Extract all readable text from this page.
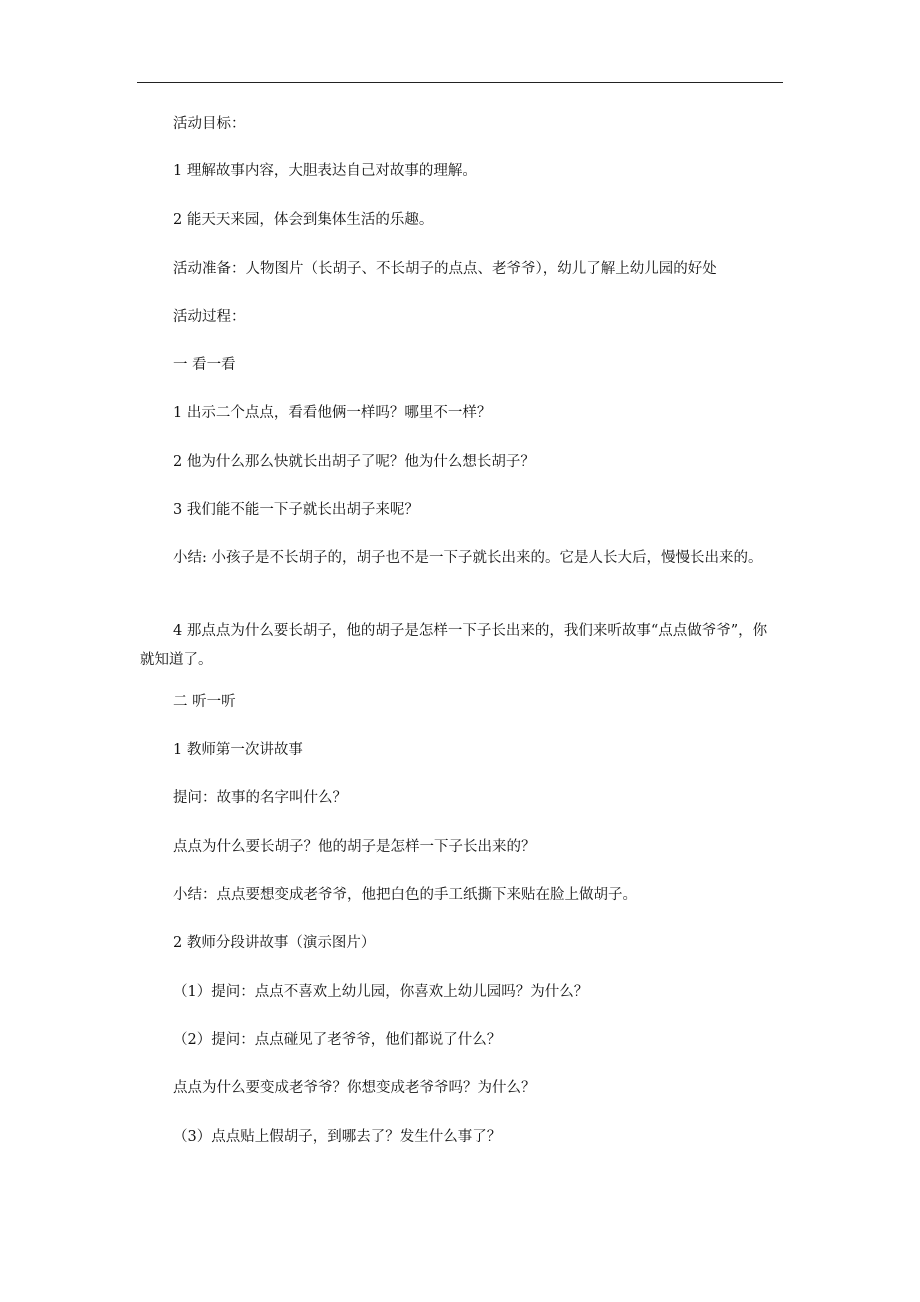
活动目标：

1 理解故事内容，大胆表达自己对故事的理解。

2 能天天来园，体会到集体生活的乐趣。

活动准备：人物图片（长胡子、不长胡子的点点、老爷爷），幼儿了解上幼儿园的好处

活动过程：

一 看一看

1 出示二个点点，看看他俩一样吗？哪里不一样？

2 他为什么那么快就长出胡子了呢？他为什么想长胡子？

3 我们能不能一下子就长出胡子来呢？

小结: 小孩子是不长胡子的，胡子也不是一下子就长出来的。它是人长大后，慢慢长出来的。

4 那点点为什么要长胡子，他的胡子是怎样一下子长出来的，我们来听故事“点点做爷爷”，你就知道了。

二 听一听

1 教师第一次讲故事

提问：故事的名字叫什么？

点点为什么要长胡子？他的胡子是怎样一下子长出来的？

小结：点点要想变成老爷爷，他把白色的手工纸撕下来贴在脸上做胡子。

2 教师分段讲故事（演示图片）

（1）提问：点点不喜欢上幼儿园，你喜欢上幼儿园吗？为什么？

（2）提问：点点碰见了老爷爷，他们都说了什么？

点点为什么要变成老爷爷？你想变成老爷爷吗？为什么？

（3）点点贴上假胡子，到哪去了？发生什么事了？
